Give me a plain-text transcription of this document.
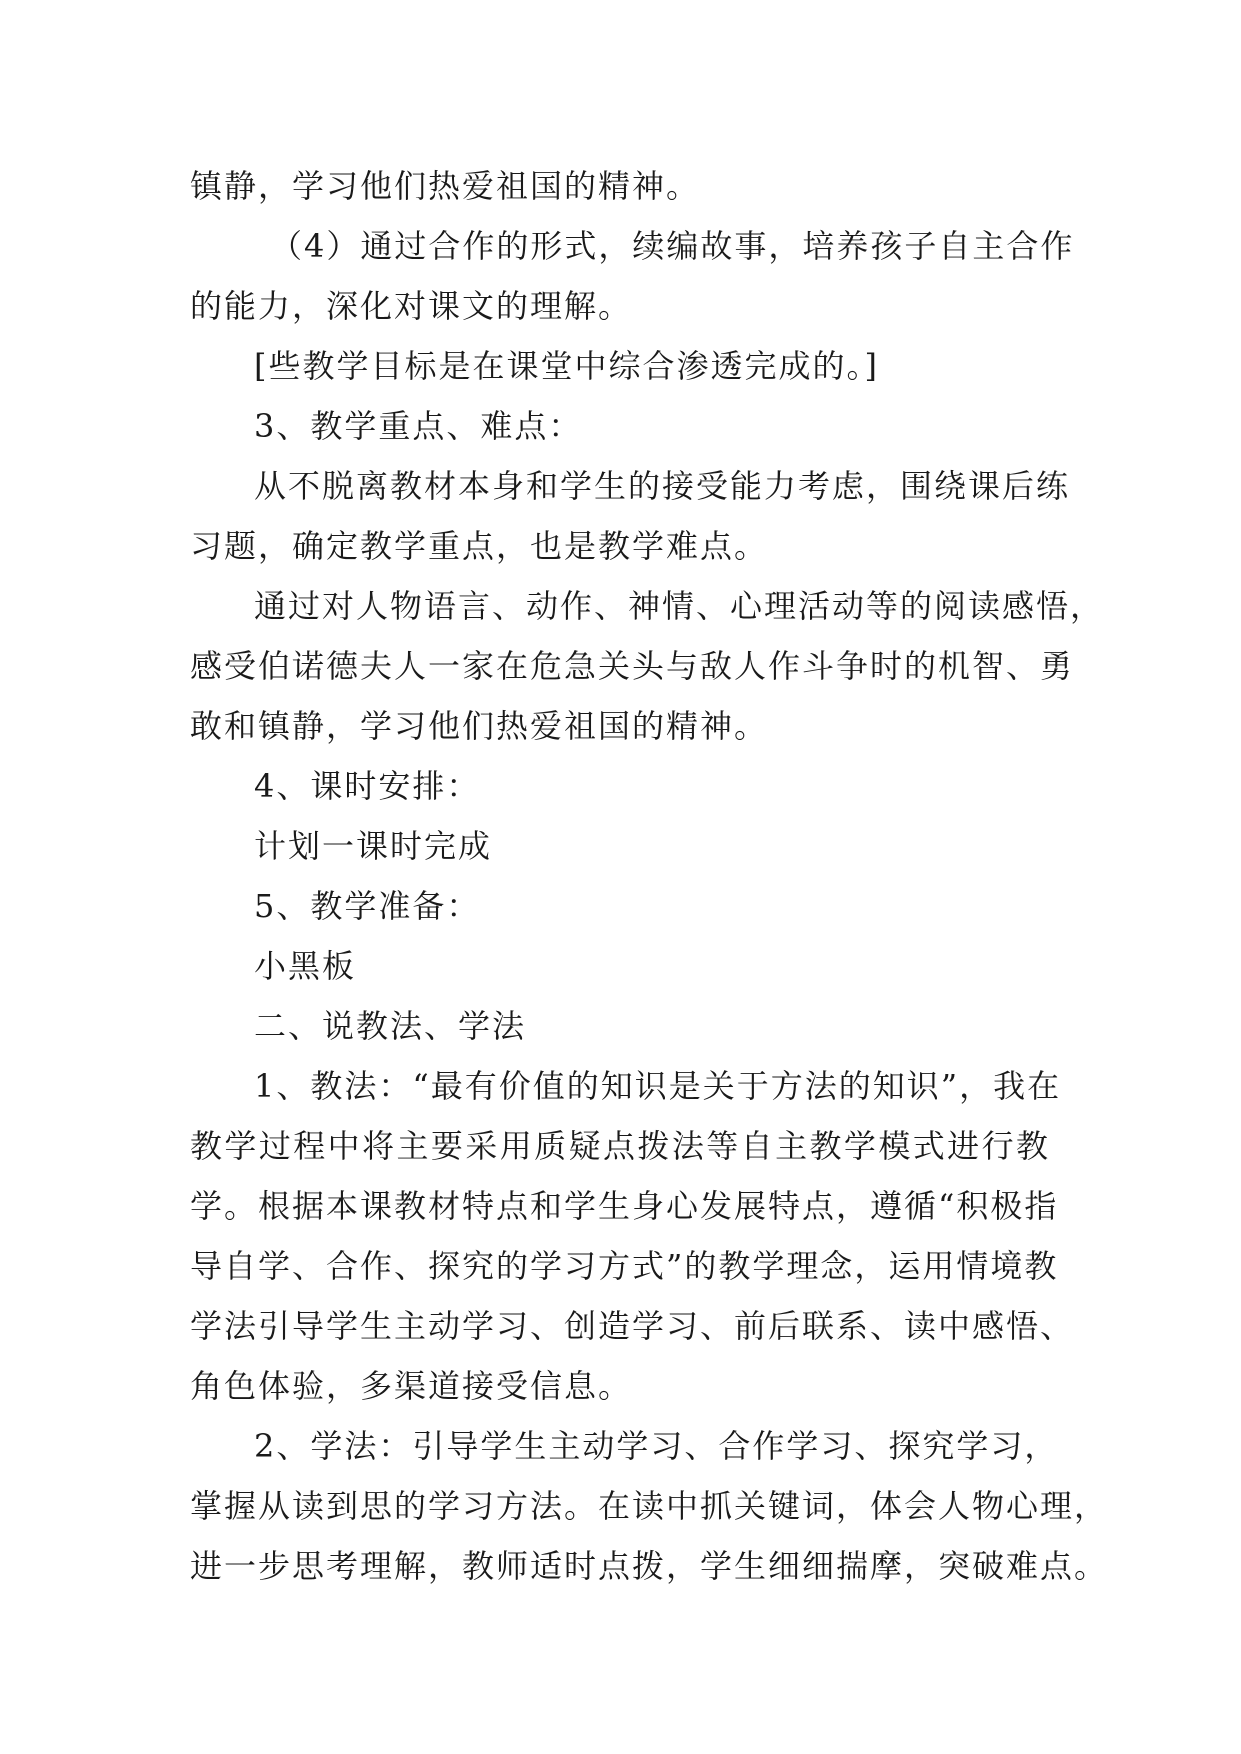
镇静，学习他们热爱祖国的精神。
（4）通过合作的形式，续编故事，培养孩子自主合作
的能力，深化对课文的理解。
[些教学目标是在课堂中综合渗透完成的。]
3、教学重点、难点：
从不脱离教材本身和学生的接受能力考虑，围绕课后练
习题，确定教学重点，也是教学难点。
通过对人物语言、动作、神情、心理活动等的阅读感悟，
感受伯诺德夫人一家在危急关头与敌人作斗争时的机智、勇
敢和镇静，学习他们热爱祖国的精神。
4、课时安排：
计划一课时完成
5、教学准备：
小黑板
二、说教法、学法
1、教法：“最有价值的知识是关于方法的知识”，我在
教学过程中将主要采用质疑点拨法等自主教学模式进行教
学。根据本课教材特点和学生身心发展特点，遵循“积极指
导自学、合作、探究的学习方式”的教学理念，运用情境教
学法引导学生主动学习、创造学习、前后联系、读中感悟、
角色体验，多渠道接受信息。
2、学法：引导学生主动学习、合作学习、探究学习，
掌握从读到思的学习方法。在读中抓关键词，体会人物心理，
进一步思考理解，教师适时点拨，学生细细揣摩，突破难点。
